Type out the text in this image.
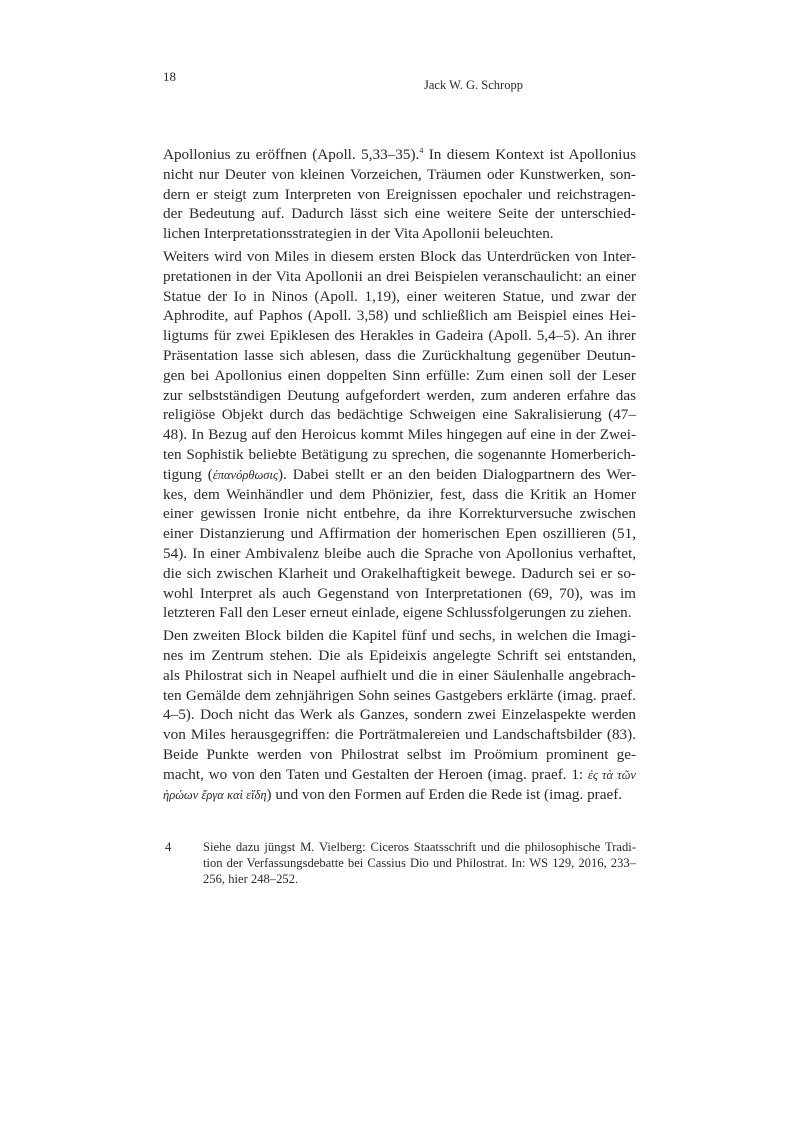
18
Jack W. G. Schropp
Apollonius zu eröffnen (Apoll. 5,33–35).$^4$ In diesem Kontext ist Apollonius
nicht nur Deuter von kleinen Vorzeichen, Träumen oder Kunstwerken, son-
dern er steigt zum Interpreten von Ereignissen epochaler und reichstragen-
der Bedeutung auf. Dadurch lässt sich eine weitere Seite der unterschied-
lichen Interpretationsstrategien in der Vita Apollonii beleuchten.
Weiters wird von Miles in diesem ersten Block das Unterdrücken von Inter-
pretationen in der Vita Apollonii an drei Beispielen veranschaulicht: an einer
Statue der Io in Ninos (Apoll. 1,19), einer weiteren Statue, und zwar der
Aphrodite, auf Paphos (Apoll. 3,58) und schließlich am Beispiel eines Hei-
ligtums für zwei Epiklesen des Herakles in Gadeira (Apoll. 5,4–5). An ihrer
Präsentation lasse sich ablesen, dass die Zurückhaltung gegenüber Deutun-
gen bei Apollonius einen doppelten Sinn erfülle: Zum einen soll der Leser
zur selbstständigen Deutung aufgefordert werden, zum anderen erfahre das
religiöse Objekt durch das bedächtige Schweigen eine Sakralisierung (47–
48). In Bezug auf den Heroicus kommt Miles hingegen auf eine in der Zwei-
ten Sophistik beliebte Betätigung zu sprechen, die sogenannte Homerberich-
tigung (ἐπανόρθωσις). Dabei stellt er an den beiden Dialogpartnern des Wer-
kes, dem Weinhändler und dem Phönizier, fest, dass die Kritik an Homer
einer gewissen Ironie nicht entbehre, da ihre Korrekturversuche zwischen
einer Distanzierung und Affirmation der homerischen Epen oszillieren (51,
54). In einer Ambivalenz bleibe auch die Sprache von Apollonius verhaftet,
die sich zwischen Klarheit und Orakelhaftigkeit bewege. Dadurch sei er so-
wohl Interpret als auch Gegenstand von Interpretationen (69, 70), was im
letzteren Fall den Leser erneut einlade, eigene Schlussfolgerungen zu ziehen.
Den zweiten Block bilden die Kapitel fünf und sechs, in welchen die Imagi-
nes im Zentrum stehen. Die als Epideixis angelegte Schrift sei entstanden,
als Philostrat sich in Neapel aufhielt und die in einer Säulenhalle angebrach-
ten Gemälde dem zehnjährigen Sohn seines Gastgebers erklärte (imag. praef.
4–5). Doch nicht das Werk als Ganzes, sondern zwei Einzelaspekte werden
von Miles herausgegriffen: die Porträtmalereien und Landschaftsbilder (83).
Beide Punkte werden von Philostrat selbst im Proömium prominent ge-
macht, wo von den Taten und Gestalten der Heroen (imag. praef. 1: ἐς τὰ τῶν
ἡρώων ἔργα καὶ εἴδη) und von den Formen auf Erden die Rede ist (imag. praef.
4	Siehe dazu jüngst M. Vielberg: Ciceros Staatsschrift und die philosophische Tradi-
tion der Verfassungsdebatte bei Cassius Dio und Philostrat. In: WS 129, 2016, 233–
256, hier 248–252.
